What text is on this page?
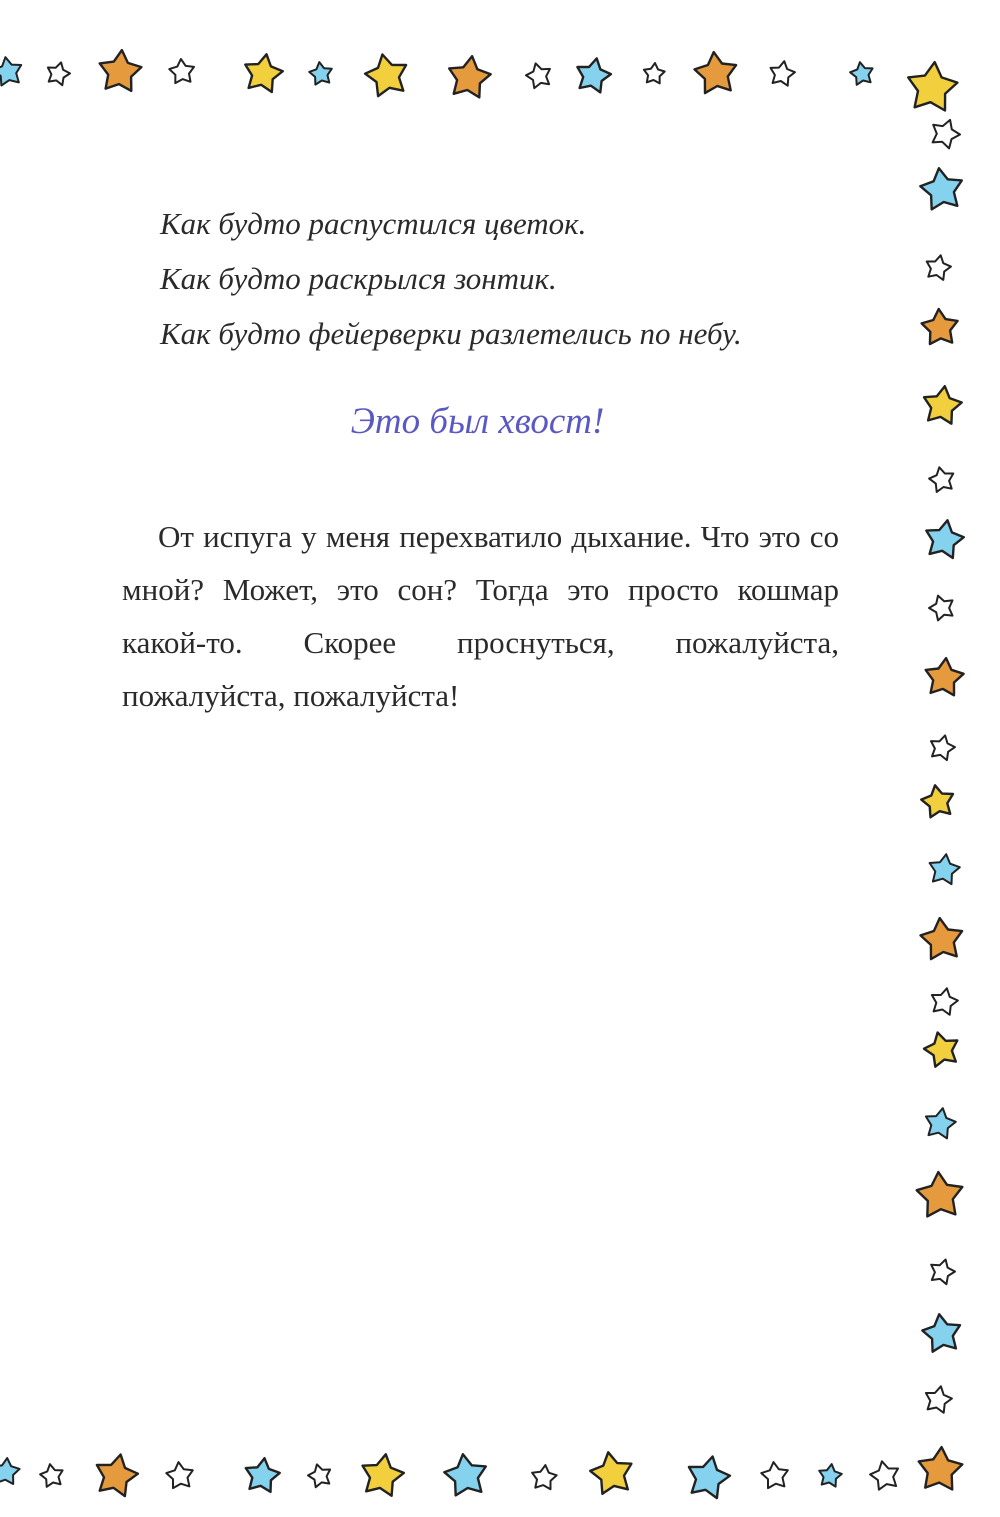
Как будто распустился цветок.
Как будто раскрылся зонтик.
Как будто фейерверки разлетелись по небу.
Это был хвост!
От испуга у меня перехватило дыхание. Что это со мной? Может, это сон? Тогда это просто кошмар какой-то. Скорее проснуться, пожалуйста, пожалуйста, пожалуйста!
